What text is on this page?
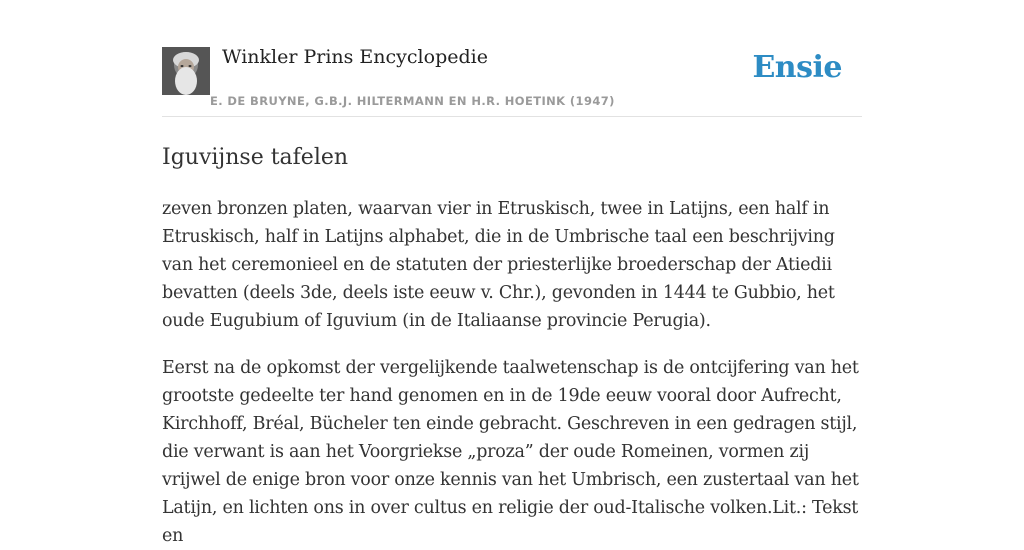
Winkler Prins Encyclopedie
E. DE BRUYNE, G.B.J. HILTERMANN EN H.R. HOETINK (1947)
Ensie
Iguvijnse tafelen

zeven bronzen platen, waarvan vier in Etruskisch, twee in Latijns, een half in Etruskisch, half in Latijns alphabet, die in de Umbrische taal een beschrijving van het ceremonieel en de statuten der priesterlijke broederschap der Atiedii bevatten (deels 3de, deels iste eeuw v. Chr.), gevonden in 1444 te Gubbio, het oude Eugubium of Iguvium (in de Italiaanse provincie Perugia).

Eerst na de opkomst der vergelijkende taalwetenschap is de ontcijfering van het grootste gedeelte ter hand genomen en in de 19de eeuw vooral door Aufrecht, Kirchhoff, Bréal, Bücheler ten einde gebracht. Geschreven in een gedragen stijl, die verwant is aan het Voorgriekse „proza” der oude Romeinen, vormen zij vrijwel de enige bron voor onze kennis van het Umbrisch, een zustertaal van het Latijn, en lichten ons in over cultus en religie der oud-Italische volken.Lit.: Tekst en
